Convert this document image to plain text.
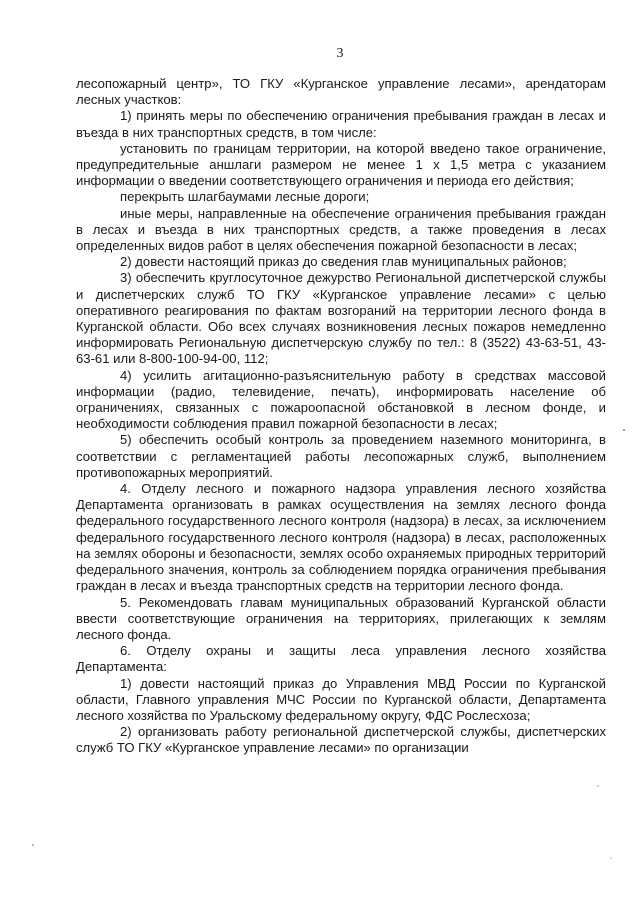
3

лесопожарный центр», ТО ГКУ «Курганское управление лесами», арендаторам лесных участков:

1) принять меры по обеспечению ограничения пребывания граждан в лесах и въезда в них транспортных средств, в том числе:

установить по границам территории, на которой введено такое ограничение, предупредительные аншлаги размером не менее 1 х 1,5 метра с указанием информации о введении соответствующего ограничения и периода его действия;

перекрыть шлагбаумами лесные дороги;

иные меры, направленные на обеспечение ограничения пребывания граждан в лесах и въезда в них транспортных средств, а также проведения в лесах определенных видов работ в целях обеспечения пожарной безопасности в лесах;

2) довести настоящий приказ до сведения глав муниципальных районов;

3) обеспечить круглосуточное дежурство Региональной диспетчерской службы и диспетчерских служб ТО ГКУ «Курганское управление лесами» с целью оперативного реагирования по фактам возгораний на территории лесного фонда в Курганской области. Обо всех случаях возникновения лесных пожаров немедленно информировать Региональную диспетчерскую службу по тел.: 8 (3522) 43-63-51, 43-63-61 или 8-800-100-94-00, 112;

4) усилить агитационно-разъяснительную работу в средствах массовой информации (радио, телевидение, печать), информировать население об ограничениях, связанных с пожароопасной обстановкой в лесном фонде, и необходимости соблюдения правил пожарной безопасности в лесах;

5) обеспечить особый контроль за проведением наземного мониторинга, в соответствии с регламентацией работы лесопожарных служб, выполнением противопожарных мероприятий.

4. Отделу лесного и пожарного надзора управления лесного хозяйства Департамента организовать в рамках осуществления на землях лесного фонда федерального государственного лесного контроля (надзора) в лесах, за исключением федерального государственного лесного контроля (надзора) в лесах, расположенных на землях обороны и безопасности, землях особо охраняемых природных территорий федерального значения, контроль за соблюдением порядка ограничения пребывания граждан в лесах и въезда транспортных средств на территории лесного фонда.

5. Рекомендовать главам муниципальных образований Курганской области ввести соответствующие ограничения на территориях, прилегающих к землям лесного фонда.

6. Отделу охраны и защиты леса управления лесного хозяйства Департамента:

1) довести настоящий приказ до Управления МВД России по Курганской области, Главного управления МЧС России по Курганской области, Департамента лесного хозяйства по Уральскому федеральному округу, ФДС Рослесхоза;

2) организовать работу региональной диспетчерской службы, диспетчерских служб ТО ГКУ «Курганское управление лесами» по организации
